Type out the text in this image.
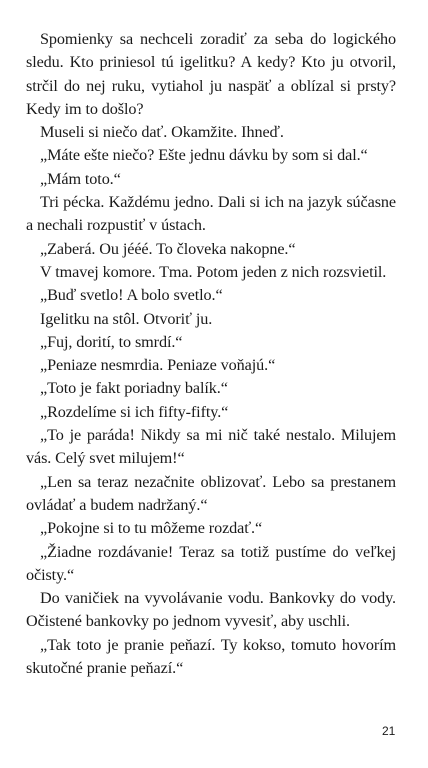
Spomienky sa nechceli zoradiť za seba do logického sledu. Kto priniesol tú igelitku? A kedy? Kto ju otvoril, strčil do nej ruku, vytiahol ju naspäť a oblízal si prsty? Kedy im to došlo?

Museli si niečo dať. Okamžite. Ihneď.

„Máte ešte niečo? Ešte jednu dávku by som si dal.“

„Mám toto.“

Tri pécka. Každému jedno. Dali si ich na jazyk súčasne a nechali rozpustiť v ústach.

„Zaberá. Ou jééé. To človeka nakopne.“

V tmavej komore. Tma. Potom jeden z nich rozsvietil.

„Buď svetlo! A bolo svetlo.“

Igelitku na stôl. Otvoriť ju.

„Fuj, dorití, to smrdí.“

„Peniaze nesmrdia. Peniaze voňajú.“

„Toto je fakt poriadny balík.“

„Rozdelíme si ich fifty-fifty.“

„To je paráda! Nikdy sa mi nič také nestalo. Milujem vás. Celý svet milujem!“

„Len sa teraz nezačnite oblizovať. Lebo sa prestanem ovládať a budem nadržaný.“

„Pokojne si to tu môžeme rozdať.“

„Žiadne rozdávanie! Teraz sa totiž pustíme do veľkej očisty.“

Do vaničiek na vyvolávanie vodu. Bankovky do vody. Očistené bankovky po jednom vyvesiť, aby uschli.

„Tak toto je pranie peňazí. Ty kokso, tomuto hovorím skutočné pranie peňazí.“

21
